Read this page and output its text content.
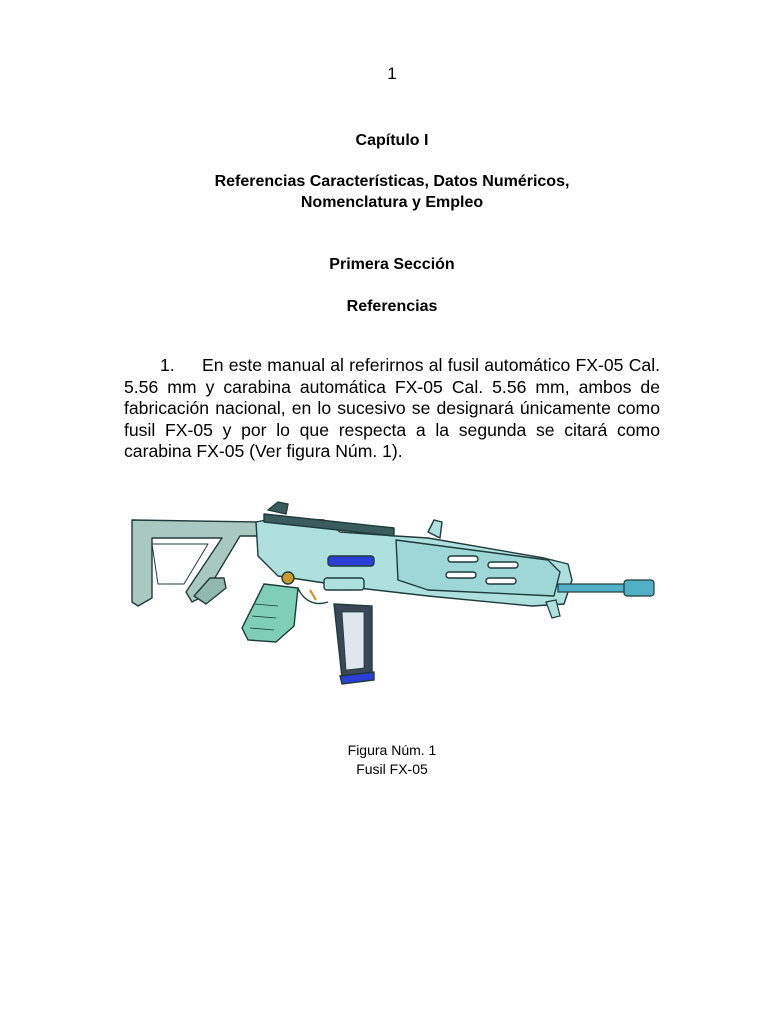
1
Capítulo I
Referencias Características, Datos Numéricos,
Nomenclatura y Empleo
Primera Sección
Referencias
1. En este manual al referirnos al fusil automático FX-05 Cal. 5.56 mm y carabina automática FX-05 Cal. 5.56 mm, ambos de fabricación nacional, en lo sucesivo se designará únicamente como fusil FX-05 y por lo que respecta a la segunda se citará como carabina FX-05 (Ver figura Núm. 1).
Figura Núm. 1
Fusil FX-05
